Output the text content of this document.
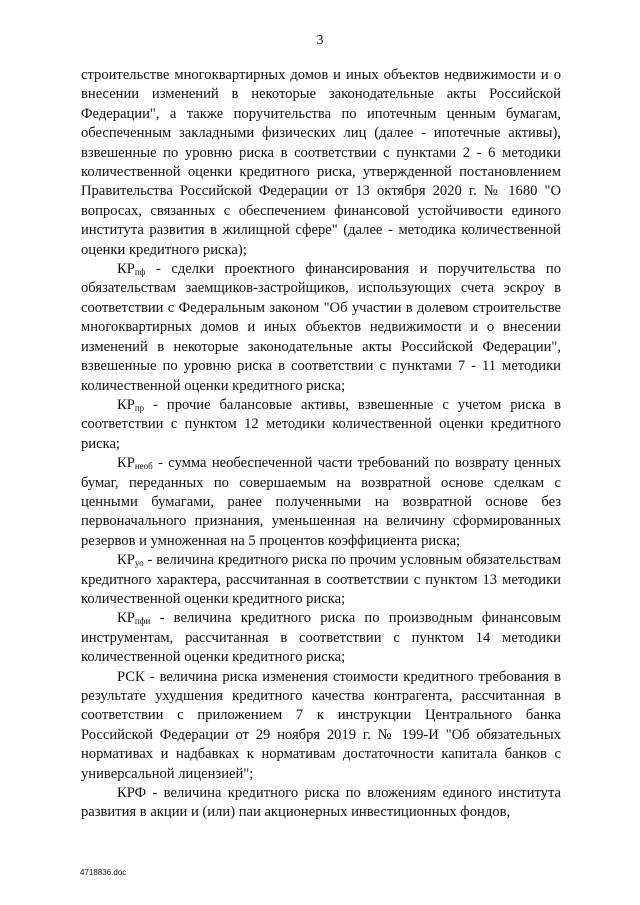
3

строительстве многоквартирных домов и иных объектов недвижимости и о внесении изменений в некоторые законодательные акты Российской Федерации", а также поручительства по ипотечным ценным бумагам, обеспеченным закладными физических лиц (далее - ипотечные активы), взвешенные по уровню риска в соответствии с пунктами 2 - 6 методики количественной оценки кредитного риска, утвержденной постановлением Правительства Российской Федерации от 13 октября 2020 г. № 1680 "О вопросах, связанных с обеспечением финансовой устойчивости единого института развития в жилищной сфере" (далее - методика количественной оценки кредитного риска);

$КР_{пф}$ - сделки проектного финансирования и поручительства по обязательствам заемщиков-застройщиков, использующих счета эскроу в соответствии с Федеральным законом "Об участии в долевом строительстве многоквартирных домов и иных объектов недвижимости и о внесении изменений в некоторые законодательные акты Российской Федерации", взвешенные по уровню риска в соответствии с пунктами 7 - 11 методики количественной оценки кредитного риска;

$КР_{пр}$ - прочие балансовые активы, взвешенные с учетом риска в соответствии с пунктом 12 методики количественной оценки кредитного риска;

$КР_{необ}$ - сумма необеспеченной части требований по возврату ценных бумаг, переданных по совершаемым на возвратной основе сделкам с ценными бумагами, ранее полученными на возвратной основе без первоначального признания, уменьшенная на величину сформированных резервов и умноженная на 5 процентов коэффициента риска;

$КР_{уо}$ - величина кредитного риска по прочим условным обязательствам кредитного характера, рассчитанная в соответствии с пунктом 13 методики количественной оценки кредитного риска;

$КР_{пфи}$ - величина кредитного риска по производным финансовым инструментам, рассчитанная в соответствии с пунктом 14 методики количественной оценки кредитного риска;

РСК - величина риска изменения стоимости кредитного требования в результате ухудшения кредитного качества контрагента, рассчитанная в соответствии с приложением 7 к инструкции Центрального банка Российской Федерации от 29 ноября 2019 г. № 199-И "Об обязательных нормативах и надбавках к нормативам достаточности капитала банков с универсальной лицензией";

КРФ - величина кредитного риска по вложениям единого института развития в акции и (или) паи акционерных инвестиционных фондов,

4718836.doc
